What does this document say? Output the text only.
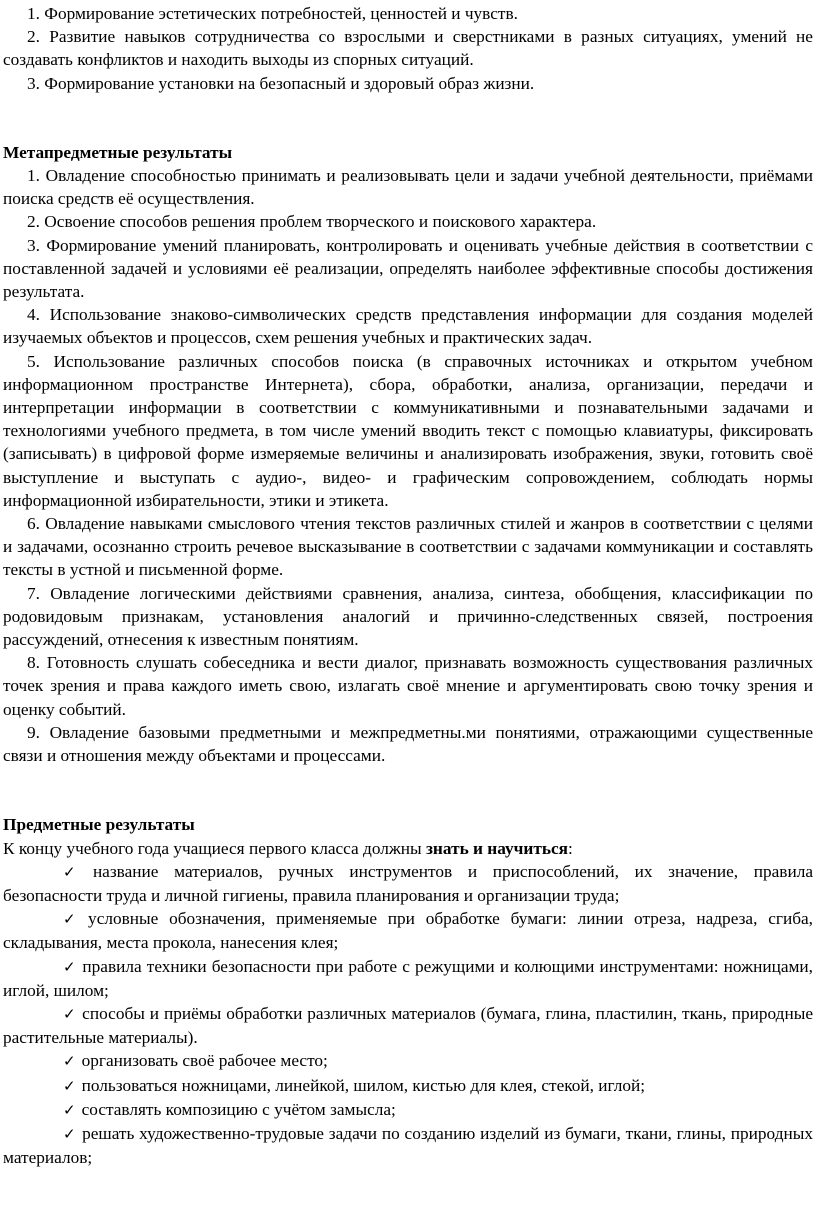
1. Формирование эстетических потребностей, ценностей и чувств.

2. Развитие навыков сотрудничества со взрослыми и сверстниками в разных ситуациях, умений не создавать конфликтов и находить выходы из спорных ситуаций.

3. Формирование установки на безопасный и здоровый образ жизни.

Метапредметные результаты

1. Овладение способностью принимать и реализовывать цели и задачи учебной деятельности, приёмами поиска средств её осуществления.

2. Освоение способов решения проблем творческого и поискового характера.

3. Формирование умений планировать, контролировать и оценивать учебные действия в соответствии с поставленной задачей и условиями её реализации, определять наиболее эффективные способы достижения результата.

4. Использование знаково-символических средств представления информации для создания моделей изучаемых объектов и процессов, схем решения учебных и практических задач.

5. Использование различных способов поиска (в справочных источниках и открытом учебном информационном пространстве Интернета), сбора, обработки, анализа, организации, передачи и интерпретации информации в соответствии с коммуникативными и познавательными задачами и технологиями учебного предмета, в том числе умений вводить текст с помощью клавиатуры, фиксировать (записывать) в цифровой форме измеряемые величины и анализировать изображения, звуки, готовить своё выступление и выступать с аудио-, видео- и графическим сопровождением, соблюдать нормы информационной избирательности, этики и этикета.

6. Овладение навыками смыслового чтения текстов различных стилей и жанров в соответствии с целями и задачами, осознанно строить речевое высказывание в соответствии с задачами коммуникации и составлять тексты в устной и письменной форме.

7. Овладение логическими действиями сравнения, анализа, синтеза, обобщения, классификации по родовидовым признакам, установления аналогий и причинно-следственных связей, построения рассуждений, отнесения к известным понятиям.

8. Готовность слушать собеседника и вести диалог, признавать возможность существования различных точек зрения и права каждого иметь свою, излагать своё мнение и аргументировать свою точку зрения и оценку событий.

9. Овладение базовыми предметными и межпредметны.ми понятиями, отражающими существенные связи и отношения между объектами и процессами.

Предметные результаты

К концу учебного года учащиеся первого класса должны знать и научиться:

✓ название материалов, ручных инструментов и приспособлений, их значение, правила безопасности труда и личной гигиены, правила планирования и организации труда;

✓ условные обозначения, применяемые при обработке бумаги: линии отреза, надреза, сгиба, складывания, места прокола, нанесения клея;

✓ правила техники безопасности при работе с режущими и колющими инструментами: ножницами, иглой, шилом;

✓ способы и приёмы обработки различных материалов (бумага, глина, пластилин, ткань, природные растительные материалы).

✓ организовать своё рабочее место;

✓ пользоваться ножницами, линейкой, шилом, кистью для клея, стекой, иглой;

✓ составлять композицию с учётом замысла;

✓ решать художественно-трудовые задачи по созданию изделий из бумаги, ткани, глины, природных материалов;
